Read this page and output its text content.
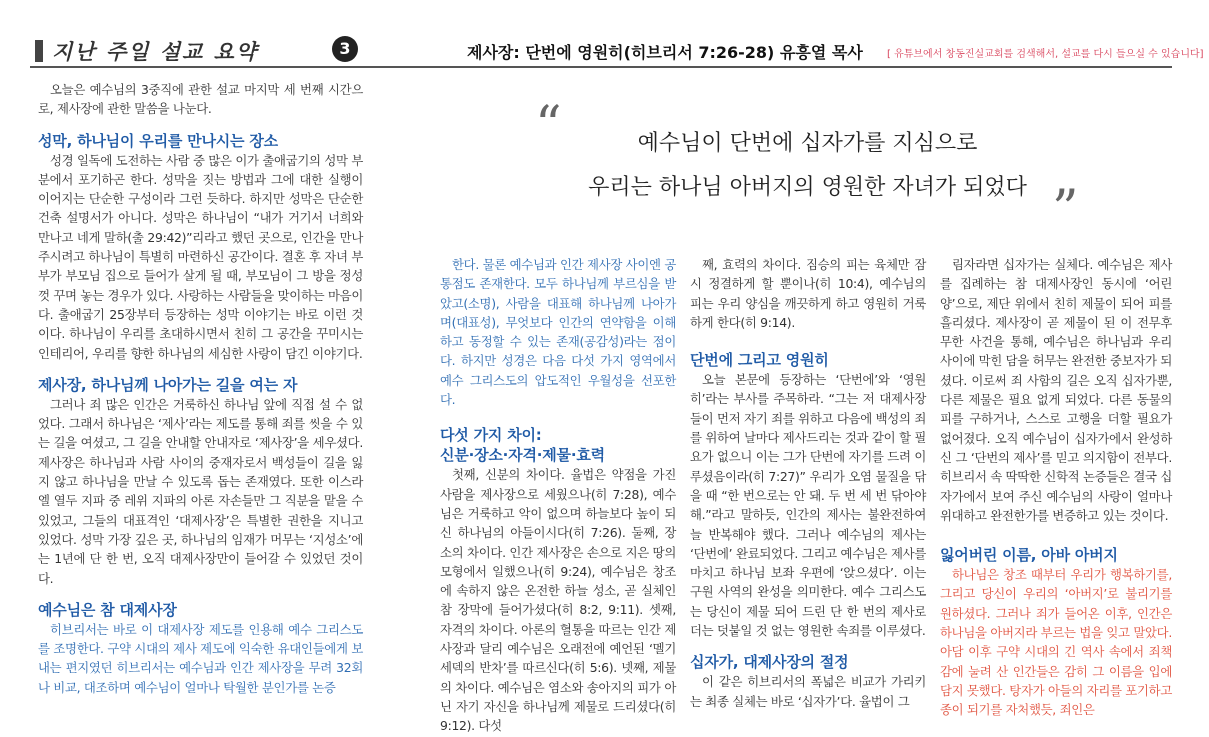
지난 주일 설교 요약	3	제사장: 단번에 영원히(히브리서 7:26-28) 유흥열 목사 [ 유튜브에서 창동진실교회를 검색해서, 설교를 다시 들으실 수 있습니다]
“	예수님이 단번에 십자가를 지심으로
우리는 하나님 아버지의 영원한 자녀가 되었다 ”

오늘은 예수님의 3중직에 관한 설교 마지막 세 번째 시간으로, 제사장에 관한 말씀을 나눈다.

성막, 하나님이 우리를 만나시는 장소

성경 일독에 도전하는 사람 중 많은 이가 출애굽기의 성막 부분에서 포기하곤 한다. 성막을 짓는 방법과 그에 대한 실행이 이어지는 단순한 구성이라 그런 듯하다. 하지만 성막은 단순한 건축 설명서가 아니다. 성막은 하나님이 “내가 거기서 너희와 만나고 네게 말하(출 29:42)”리라고 했던 곳으로, 인간을 만나 주시려고 하나님이 특별히 마련하신 공간이다. 결혼 후 자녀 부부가 부모님 집으로 들어가 살게 될 때, 부모님이 그 방을 정성껏 꾸며 놓는 경우가 있다. 사랑하는 사람들을 맞이하는 마음이다. 출애굽기 25장부터 등장하는 성막 이야기는 바로 이런 것이다. 하나님이 우리를 초대하시면서 친히 그 공간을 꾸미시는 인테리어, 우리를 향한 하나님의 세심한 사랑이 담긴 이야기다.

제사장, 하나님께 나아가는 길을 여는 자

그러나 죄 많은 인간은 거룩하신 하나님 앞에 직접 설 수 없었다. 그래서 하나님은 ‘제사’라는 제도를 통해 죄를 씻을 수 있는 길을 여셨고, 그 길을 안내할 안내자로 ‘제사장’을 세우셨다. 제사장은 하나님과 사람 사이의 중재자로서 백성들이 길을 잃지 않고 하나님을 만날 수 있도록 돕는 존재였다. 또한 이스라엘 열두 지파 중 레위 지파의 아론 자손들만 그 직분을 맡을 수 있었고, 그들의 대표격인 ‘대제사장’은 특별한 권한을 지니고 있었다. 성막 가장 깊은 곳, 하나님의 임재가 머무는 ‘지성소’에는 1년에 단 한 번, 오직 대제사장만이 들어갈 수 있었던 것이다.

예수님은 참 대제사장

히브리서는 바로 이 대제사장 제도를 인용해 예수 그리스도를 조명한다. 구약 시대의 제사 제도에 익숙한 유대인들에게 보내는 편지였던 히브리서는 예수님과 인간 제사장을 무려 32회나 비교, 대조하며 예수님이 얼마나 탁월한 분인가를 논증

한다. 물론 예수님과 인간 제사장 사이엔 공통점도 존재한다. 모두 하나님께 부르심을 받았고(소명), 사람을 대표해 하나님께 나아가며(대표성), 무엇보다 인간의 연약함을 이해하고 동정할 수 있는 존재(공감성)라는 점이다. 하지만 성경은 다음 다섯 가지 영역에서 예수 그리스도의 압도적인 우월성을 선포한다.

다섯 가지 차이:
신분·장소·자격·제물·효력

첫째, 신분의 차이다. 율법은 약점을 가진 사람을 제사장으로 세웠으나(히 7:28), 예수님은 거룩하고 악이 없으며 하늘보다 높이 되신 하나님의 아들이시다(히 7:26). 둘째, 장소의 차이다. 인간 제사장은 손으로 지은 땅의 모형에서 일했으나(히 9:24), 예수님은 창조에 속하지 않은 온전한 하늘 성소, 곧 실체인 참 장막에 들어가셨다(히 8:2, 9:11). 셋째, 자격의 차이다. 아론의 혈통을 따르는 인간 제사장과 달리 예수님은 오래전에 예언된 ‘멜기세덱의 반차’를 따르신다(히 5:6). 넷째, 제물의 차이다. 예수님은 염소와 송아지의 피가 아닌 자기 자신을 하나님께 제물로 드리셨다(히 9:12). 다섯

째, 효력의 차이다. 짐승의 피는 육체만 잠시 정결하게 할 뿐이나(히 10:4), 예수님의 피는 우리 양심을 깨끗하게 하고 영원히 거룩하게 한다(히 9:14).

단번에 그리고 영원히

오늘 본문에 등장하는 ‘단번에’와 ‘영원히’라는 부사를 주목하라. “그는 저 대제사장들이 먼저 자기 죄를 위하고 다음에 백성의 죄를 위하여 날마다 제사드리는 것과 같이 할 필요가 없으니 이는 그가 단번에 자기를 드려 이루셨음이라(히 7:27)” 우리가 오염 물질을 닦을 때 “한 번으로는 안 돼. 두 번 세 번 닦아야 해.”라고 말하듯, 인간의 제사는 불완전하여 늘 반복해야 했다. 그러나 예수님의 제사는 ‘단번에’ 완료되었다. 그리고 예수님은 제사를 마치고 하나님 보좌 우편에 ‘앉으셨다’. 이는 구원 사역의 완성을 의미한다. 예수 그리스도는 당신이 제물 되어 드린 단 한 번의 제사로 더는 덧붙일 것 없는 영원한 속죄를 이루셨다.

십자가, 대제사장의 절정

이 같은 히브리서의 폭넓은 비교가 가리키는 최종 실체는 바로 ‘십자가’다. 율법이 그

림자라면 십자가는 실체다. 예수님은 제사를 집례하는 참 대제사장인 동시에 ‘어린양’으로, 제단 위에서 친히 제물이 되어 피를 흘리셨다. 제사장이 곧 제물이 된 이 전무후무한 사건을 통해, 예수님은 하나님과 우리 사이에 막힌 담을 허무는 완전한 중보자가 되셨다. 이로써 죄 사함의 길은 오직 십자가뿐, 다른 제물은 필요 없게 되었다. 다른 동물의 피를 구하거나, 스스로 고행을 더할 필요가 없어졌다. 오직 예수님이 십자가에서 완성하신 그 ‘단번의 제사’를 믿고 의지함이 전부다. 히브리서 속 딱딱한 신학적 논증들은 결국 십자가에서 보여 주신 예수님의 사랑이 얼마나 위대하고 완전한가를 변증하고 있는 것이다.

잃어버린 이름, 아바 아버지

하나님은 창조 때부터 우리가 행복하기를, 그리고 당신이 우리의 ‘아버지’로 불리기를 원하셨다. 그러나 죄가 들어온 이후, 인간은 하나님을 아버지라 부르는 법을 잊고 말았다. 아담 이후 구약 시대의 긴 역사 속에서 죄책감에 눌려 산 인간들은 감히 그 이름을 입에 담지 못했다. 탕자가 아들의 자리를 포기하고 종이 되기를 자처했듯, 죄인은
